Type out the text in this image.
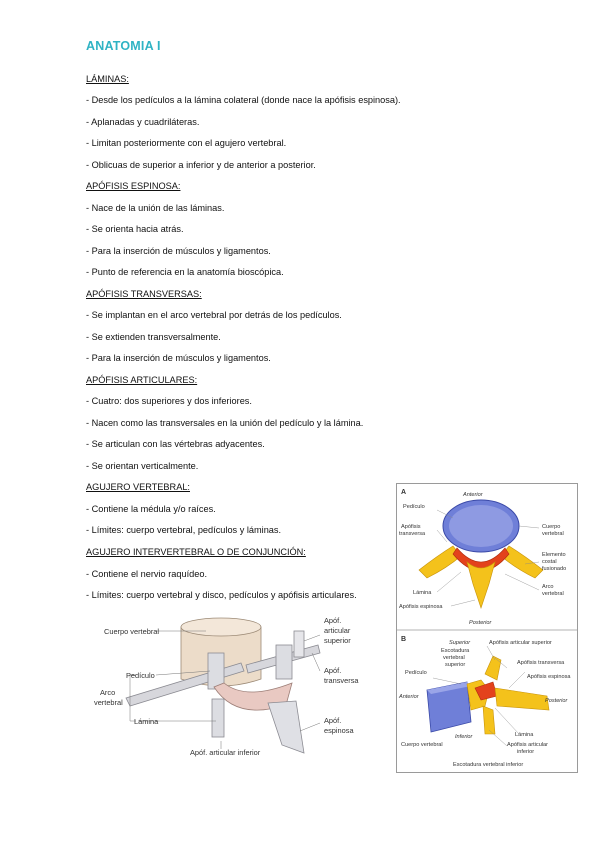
ANATOMIA I
LÁMINAS:
- Desde los pedículos a la lámina colateral (donde nace la apófisis espinosa).
- Aplanadas y cuadriláteras.
- Limitan posteriormente con el agujero vertebral.
- Oblicuas de superior a inferior y de anterior a posterior.
APÓFISIS ESPINOSA:
- Nace de la unión de las láminas.
- Se orienta hacia atrás.
- Para la inserción de músculos y ligamentos.
- Punto de referencia en la anatomía bioscópica.
APÓFISIS TRANSVERSAS:
- Se implantan en el arco vertebral por detrás de los pedículos.
- Se extienden transversalmente.
- Para la inserción de músculos y ligamentos.
APÓFISIS ARTICULARES:
- Cuatro: dos superiores y dos inferiores.
- Nacen como las transversales en la unión del pedículo y la lámina.
- Se articulan con las vértebras adyacentes.
- Se orientan verticalmente.
AGUJERO VERTEBRAL:
- Contiene la médula y/o raíces.
- Límites: cuerpo vertebral, pedículos y láminas.
AGUJERO INTERVERTEBRAL O DE CONJUNCIÓN:
- Contiene el nervio raquídeo.
- Límites: cuerpo vertebral y disco, pedículos y apófisis articulares.
Cuerpo vertebral
Pedículo
Arco
vertebral
Lámina
Apóf. articular inferior
Apóf.
articular
superior
Apóf.
transversa
Apóf.
espinosa
A	Anterior
Pedículo
Apófisis
transversa
Lámina
Apófisis espinosa
Posterior
Cuerpo
vertebral
Elemento
costal
fusionado
Arco
vertebral
B	Superior	Apófisis articular superior
Escotadura
vertebral
superior
Pedículo
Apófisis transversa
Apófisis espinosa
Anterior
Posterior
Lámina
Cuerpo vertebral
Inferior
Apófisis articular
inferior
Escotadura vertebral inferior
